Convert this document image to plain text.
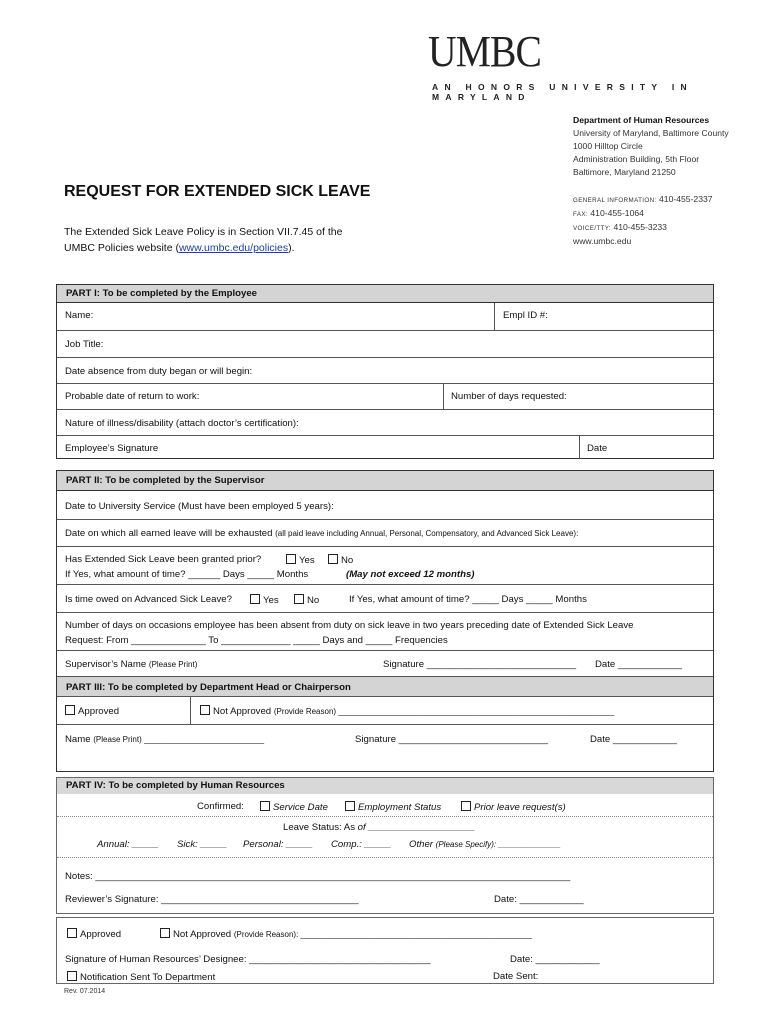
UMBC
AN HONORS UNIVERSITY IN MARYLAND
Department of Human Resources
University of Maryland, Baltimore County
1000 Hilltop Circle
Administration Building, 5th Floor
Baltimore, Maryland 21250
GENERAL INFORMATION: 410-455-2337
FAX: 410-455-1064
VOICE/TTY: 410-455-3233
www.umbc.edu
REQUEST FOR EXTENDED SICK LEAVE
The Extended Sick Leave Policy is in Section VII.7.45 of the
UMBC Policies website (www.umbc.edu/policies).
PART I: To be completed by the Employee
Name:	Empl ID #:
Job Title:
Date absence from duty began or will begin:
Probable date of return to work:	Number of days requested:
Nature of illness/disability (attach doctor’s certification):
Employee’s Signature	Date
PART II: To be completed by the Supervisor
Date to University Service (Must have been employed 5 years):
Date on which all earned leave will be exhausted (all paid leave including Annual, Personal, Compensatory, and Advanced Sick Leave):
Has Extended Sick Leave been granted prior?	Yes	No
If Yes, what amount of time? ______ Days _____ Months	(May not exceed 12 months)
Is time owed on Advanced Sick Leave?	Yes	No	If Yes, what amount of time? _____ Days _____ Months
Number of days on occasions employee has been absent from duty on sick leave in two years preceding date of Extended Sick Leave
Request: From ______________ To _____________ _____ Days and _____ Frequencies
Supervisor’s Name (Please Print)	Signature ____________________________ Date ____________
PART III: To be completed by Department Head or Chairperson
Approved	Not Approved (Provide Reason) ______________________________________________________________
Name (Please Print) ___________________________	Signature ____________________________	Date ____________
PART IV: To be completed by Human Resources
Confirmed:	Service Date	Employment Status	Prior leave request(s)
Leave Status: As of ____________________
Annual: _____ Sick: _____ Personal: _____ Comp.: _____ Other (Please Specify): ______________
Notes: _________________________________________________________________________________________
Reviewer’s Signature: _____________________________________	Date: ____________
Approved	Not Approved (Provide Reason): ____________________________________________________
Signature of Human Resources’ Designee: __________________________________	Date: ____________
Notification Sent To Department	Date Sent:
Rev. 07.2014
